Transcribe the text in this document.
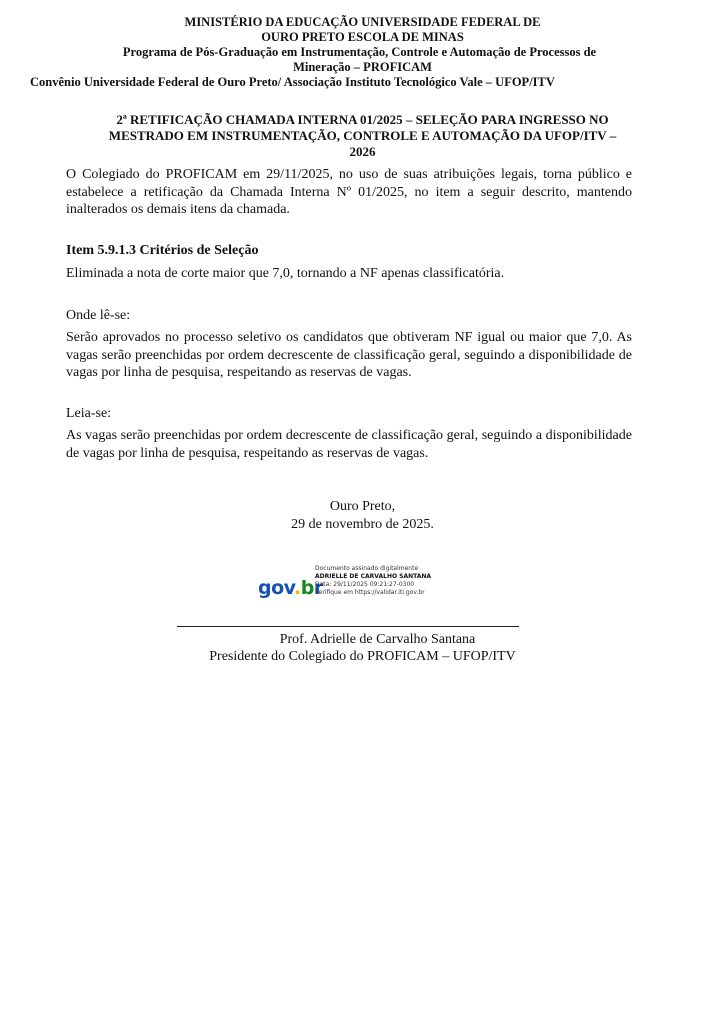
MINISTÉRIO DA EDUCAÇÃO UNIVERSIDADE FEDERAL DE
OURO PRETO ESCOLA DE MINAS
Programa de Pós-Graduação em Instrumentação, Controle e Automação de Processos de
Mineração – PROFICAM
Convênio Universidade Federal de Ouro Preto/ Associação Instituto Tecnológico Vale – UFOP/ITV
2ª RETIFICAÇÃO CHAMADA INTERNA 01/2025 – SELEÇÃO PARA INGRESSO NO
MESTRADO EM INSTRUMENTAÇÃO, CONTROLE E AUTOMAÇÃO DA UFOP/ITV –
2026
O Colegiado do PROFICAM em 29/11/2025, no uso de suas atribuições legais, torna público e estabelece a retificação da Chamada Interna Nº 01/2025, no item a seguir descrito, mantendo inalterados os demais itens da chamada.
Item 5.9.1.3 Critérios de Seleção
Eliminada a nota de corte maior que 7,0, tornando a NF apenas classificatória.
Onde lê-se:
Serão aprovados no processo seletivo os candidatos que obtiveram NF igual ou maior que 7,0. As vagas serão preenchidas por ordem decrescente de classificação geral, seguindo a disponibilidade de vagas por linha de pesquisa, respeitando as reservas de vagas.
Leia-se:
As vagas serão preenchidas por ordem decrescente de classificação geral, seguindo a disponibilidade de vagas por linha de pesquisa, respeitando as reservas de vagas.
Ouro Preto,
29 de novembro de 2025.
gov.br
Documento assinado digitalmente
ADRIELLE DE CARVALHO SANTANA
Data: 29/11/2025 09:21:27-0300
Verifique em https://validar.iti.gov.br
Prof. Adrielle de Carvalho Santana
Presidente do Colegiado do PROFICAM – UFOP/ITV
